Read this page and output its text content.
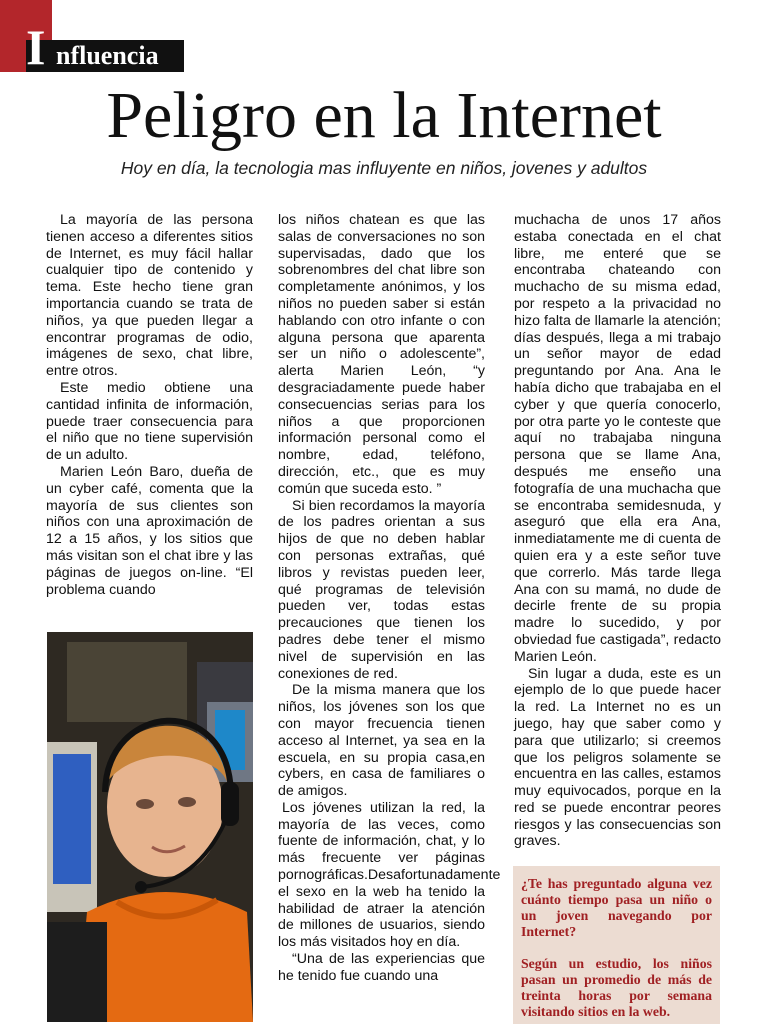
I nfluencia
Peligro en la Internet

Hoy en día, la tecnologia mas influyente en niños, jovenes y adultos

La mayoría de las persona tienen acceso a diferentes sitios de Internet, es muy fácil hallar cualquier tipo de contenido y tema. Este hecho tiene gran importancia cuando se trata de niños, ya que pueden llegar a encontrar programas de odio, imágenes de sexo, chat libre, entre otros.

Este medio obtiene una cantidad infinita de información, puede traer consecuencia para el niño que no tiene supervisión de un adulto.

Marien León Baro, dueña de un cyber café, comenta que la mayoría de sus clientes son niños con una aproximación de 12 a 15 años, y los sitios que más visitan son el chat ibre y las páginas de juegos on-line. “El problema cuando

los niños chatean es que las salas de conversaciones no son supervisadas, dado que los sobrenombres del chat libre son completamente anónimos, y los niños no pueden saber si están hablando con otro infante o con alguna persona que aparenta ser un niño o adolescente”, alerta Marien León, “y desgraciadamente puede haber consecuencias serias para los niños a que proporcionen información personal como el nombre, edad, teléfono, dirección, etc., que es muy común que suceda esto. ”

Si bien recordamos la mayoría de los padres orientan a sus hijos de que no deben hablar con personas extrañas, qué libros y revistas pueden leer, qué programas de televisión pueden ver, todas estas precauciones que tienen los padres debe tener el mismo nivel de supervisión en las conexiones de red.

De la misma manera que los niños, los jóvenes son los que con mayor frecuencia tienen acceso al Internet, ya sea en la escuela, en su propia casa,en cybers, en casa de familiares o de amigos.

Los jóvenes utilizan la red, la mayoría de las veces, como fuente de información, chat, y lo más frecuente ver páginas pornográficas.Desafortunadamente el sexo en la web ha tenido la habilidad de atraer la atención de millones de usuarios, siendo los más visitados hoy en día.

“Una de las experiencias que he tenido fue cuando una

muchacha de unos 17 años estaba conectada en el chat libre, me enteré que se encontraba chateando con muchacho de su misma edad, por respeto a la privacidad no hizo falta de llamarle la atención; días después, llega a mi trabajo un señor mayor de edad preguntando por Ana. Ana le había dicho que trabajaba en el cyber y que quería conocerlo, por otra parte yo le conteste que aquí no trabajaba ninguna persona que se llame Ana, después me enseño una fotografía de una muchacha que se encontraba semidesnuda, y aseguró que ella era Ana, inmediatamente me di cuenta de quien era y a este señor tuve que correrlo. Más tarde llega Ana con su mamá, no dude de decirle frente de su propia madre lo sucedido, y por obviedad fue castigada”, redacto Marien León.

Sin lugar a duda, este es un ejemplo de lo que puede hacer la red. La Internet no es un juego, hay que saber como y para que utilizarlo; si creemos que los peligros solamente se encuentra en las calles, estamos muy equivocados, porque en la red se puede encontrar peores riesgos y las consecuencias son graves.

¿Te has preguntado alguna vez cuánto tiempo pasa un niño o un joven navegando por Internet?

Según un estudio, los niños pasan un promedio de más de treinta horas por semana visitando sitios en la web.
